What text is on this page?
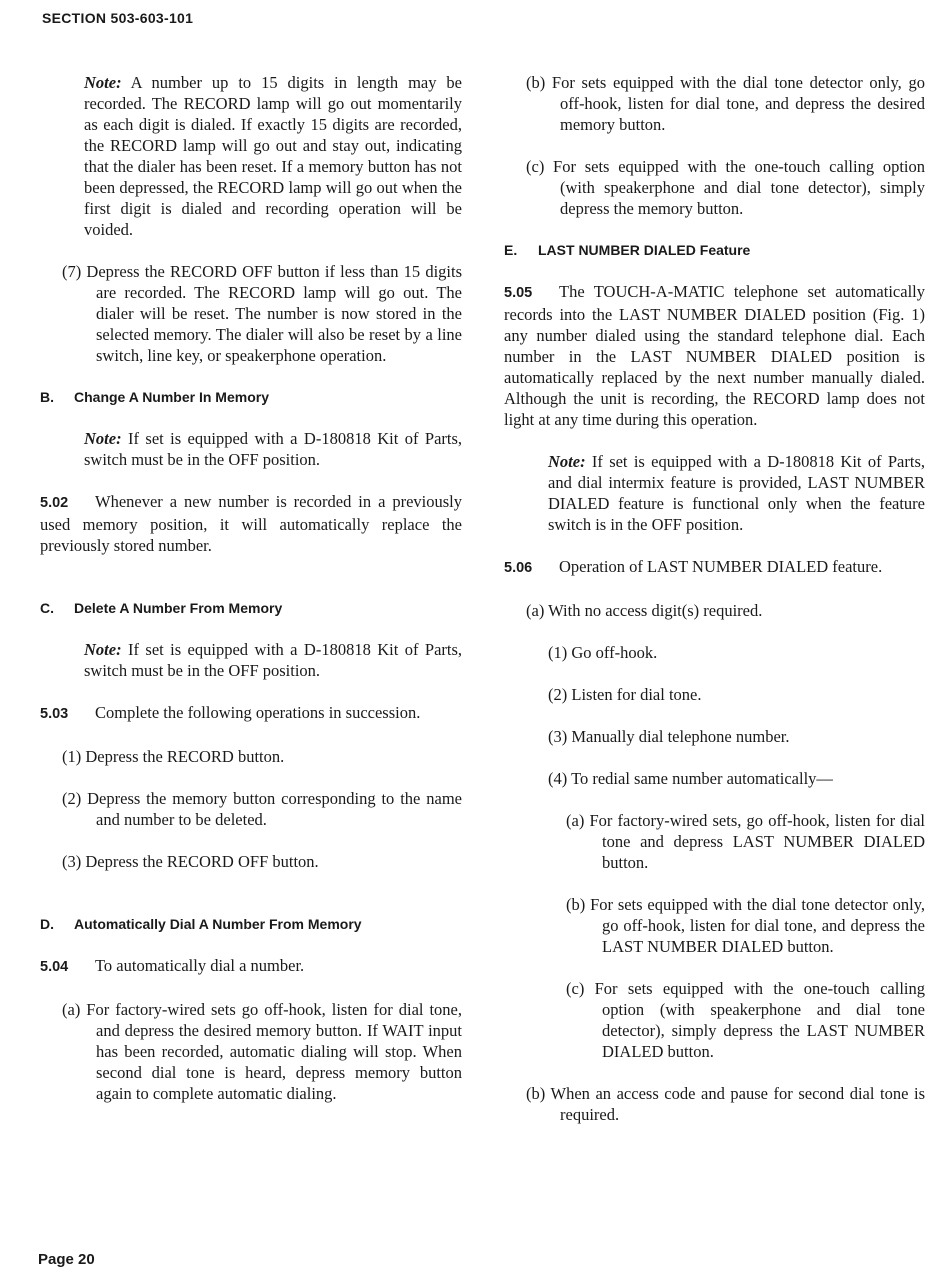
SECTION 503-603-101

Note: A number up to 15 digits in length may be recorded. The RECORD lamp will go out momentarily as each digit is dialed. If exactly 15 digits are recorded, the RECORD lamp will go out and stay out, indicating that the dialer has been reset. If a memory button has not been depressed, the RECORD lamp will go out when the first digit is dialed and recording operation will be voided.

(7) Depress the RECORD OFF button if less than 15 digits are recorded. The RECORD lamp will go out. The dialer will be reset. The number is now stored in the selected memory. The dialer will also be reset by a line switch, line key, or speakerphone operation.

B. Change A Number In Memory

Note: If set is equipped with a D-180818 Kit of Parts, switch must be in the OFF position.

5.02 Whenever a new number is recorded in a previously used memory position, it will automatically replace the previously stored number.

C. Delete A Number From Memory

Note: If set is equipped with a D-180818 Kit of Parts, switch must be in the OFF position.

5.03 Complete the following operations in succession.

(1) Depress the RECORD button.

(2) Depress the memory button corresponding to the name and number to be deleted.

(3) Depress the RECORD OFF button.

D. Automatically Dial A Number From Memory

5.04 To automatically dial a number.

(a) For factory-wired sets go off-hook, listen for dial tone, and depress the desired memory button. If WAIT input has been recorded, automatic dialing will stop. When second dial tone is heard, depress memory button again to complete automatic dialing.

(b) For sets equipped with the dial tone detector only, go off-hook, listen for dial tone, and depress the desired memory button.

(c) For sets equipped with the one-touch calling option (with speakerphone and dial tone detector), simply depress the memory button.

E. LAST NUMBER DIALED Feature

5.05 The TOUCH-A-MATIC telephone set automatically records into the LAST NUMBER DIALED position (Fig. 1) any number dialed using the standard telephone dial. Each number in the LAST NUMBER DIALED position is automatically replaced by the next number manually dialed. Although the unit is recording, the RECORD lamp does not light at any time during this operation.

Note: If set is equipped with a D-180818 Kit of Parts, and dial intermix feature is provided, LAST NUMBER DIALED feature is functional only when the feature switch is in the OFF position.

5.06 Operation of LAST NUMBER DIALED feature.

(a) With no access digit(s) required.

(1) Go off-hook.

(2) Listen for dial tone.

(3) Manually dial telephone number.

(4) To redial same number automatically—

(a) For factory-wired sets, go off-hook, listen for dial tone and depress LAST NUMBER DIALED button.

(b) For sets equipped with the dial tone detector only, go off-hook, listen for dial tone, and depress the LAST NUMBER DIALED button.

(c) For sets equipped with the one-touch calling option (with speakerphone and dial tone detector), simply depress the LAST NUMBER DIALED button.

(b) When an access code and pause for second dial tone is required.

Page 20
